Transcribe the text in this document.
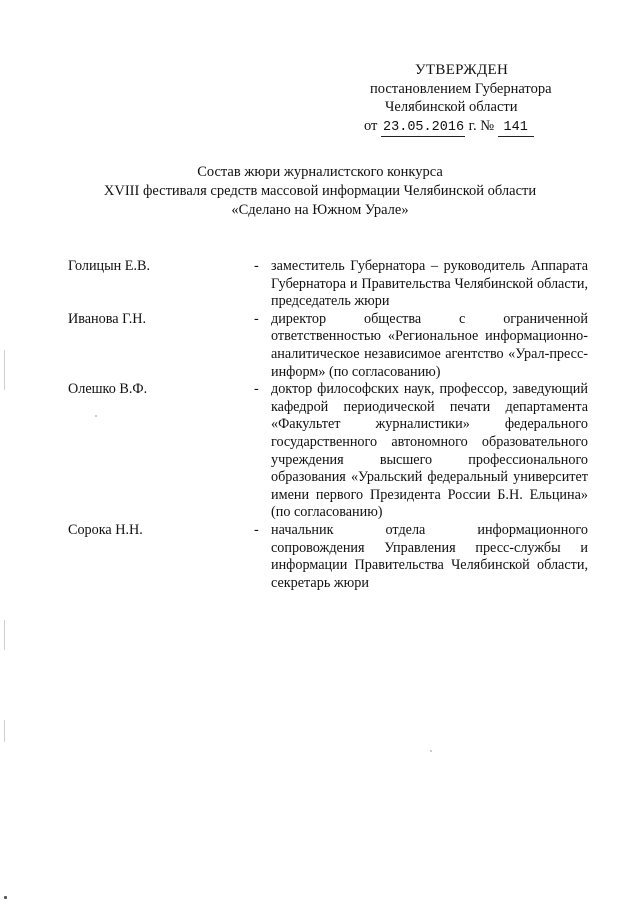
УТВЕРЖДЕН
постановлением Губернатора
Челябинской области
от 23.05.2016 г. № 141
Состав жюри журналистского конкурса
XVIII фестиваля средств массовой информации Челябинской области
«Сделано на Южном Урале»
Голицын Е.В.	- заместитель Губернатора – руководитель Аппарата Губернатора и Правительства Челябинской области, председатель жюри
Иванова Г.Н.	- директор общества с ограниченной ответственностью «Региональное информационно-аналитическое независимое агентство «Урал-пресс-информ» (по согласованию)
Олешко В.Ф.	- доктор философских наук, профессор, заведующий кафедрой периодической печати департамента «Факультет журналистики» федерального государственного автономного образовательного учреждения высшего профессионального образования «Уральский федеральный университет имени первого Президента России Б.Н. Ельцина» (по согласованию)
Сорока Н.Н.	- начальник отдела информационного сопровождения Управления пресс-службы и информации Правительства Челябинской области, секретарь жюри
